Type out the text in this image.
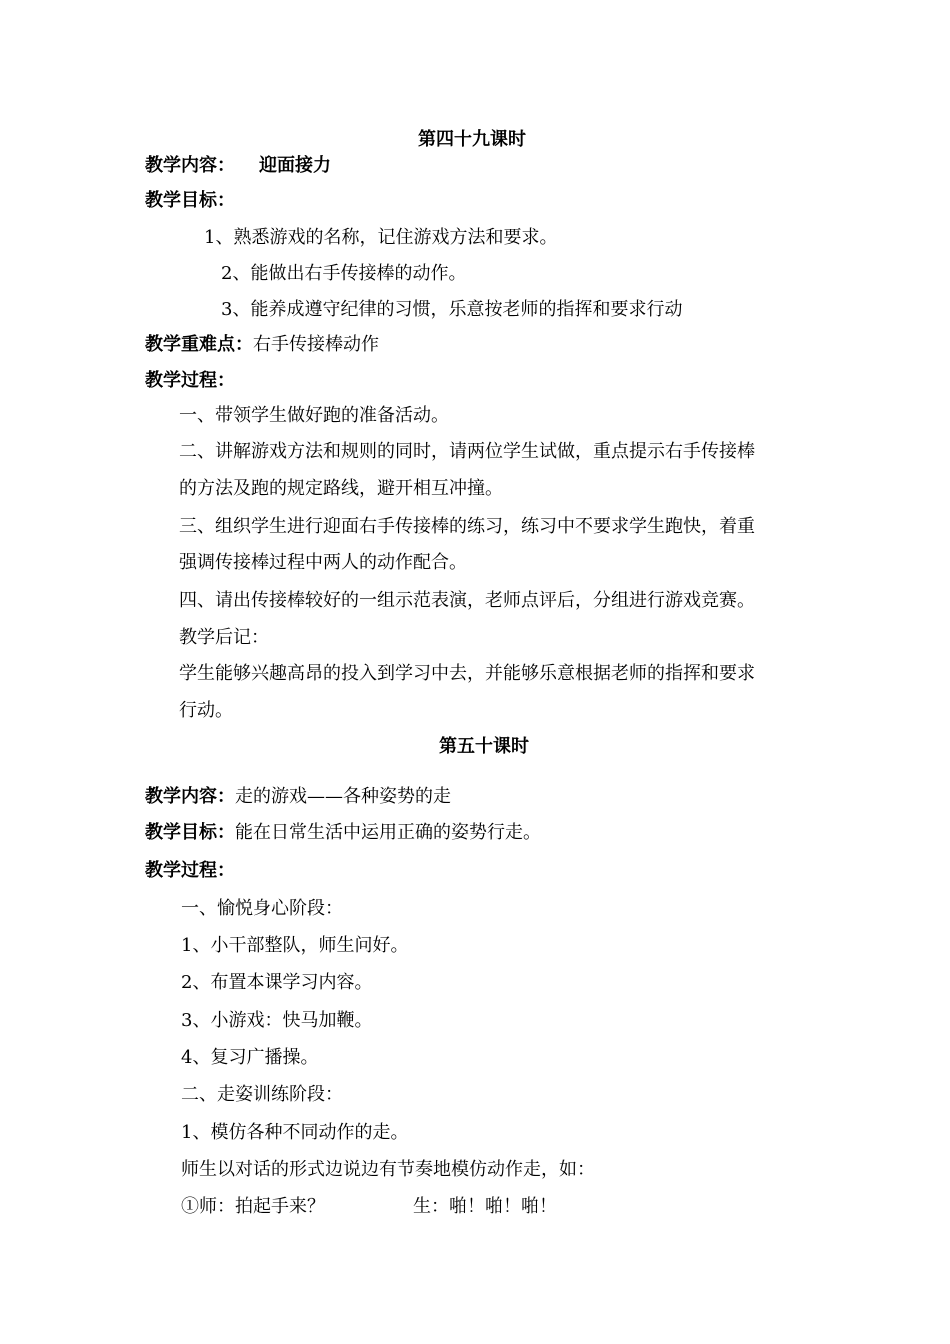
第四十九课时
教学内容： 迎面接力
教学目标：
1、熟悉游戏的名称，记住游戏方法和要求。
2、能做出右手传接棒的动作。
3、能养成遵守纪律的习惯，乐意按老师的指挥和要求行动
教学重难点：右手传接棒动作
教学过程：
一、带领学生做好跑的准备活动。
二、讲解游戏方法和规则的同时，请两位学生试做，重点提示右手传接棒
的方法及跑的规定路线，避开相互冲撞。
三、组织学生进行迎面右手传接棒的练习，练习中不要求学生跑快，着重
强调传接棒过程中两人的动作配合。
四、请出传接棒较好的一组示范表演，老师点评后，分组进行游戏竞赛。
教学后记：
学生能够兴趣高昂的投入到学习中去，并能够乐意根据老师的指挥和要求
行动。
第五十课时
教学内容：走的游戏——各种姿势的走
教学目标：能在日常生活中运用正确的姿势行走。
教学过程：
一、愉悦身心阶段：
1、小干部整队，师生问好。
2、布置本课学习内容。
3、小游戏：快马加鞭。
4、复习广播操。
二、走姿训练阶段：
1、模仿各种不同动作的走。
师生以对话的形式边说边有节奏地模仿动作走，如：
①师：拍起手来？	生：啪！啪！啪！
